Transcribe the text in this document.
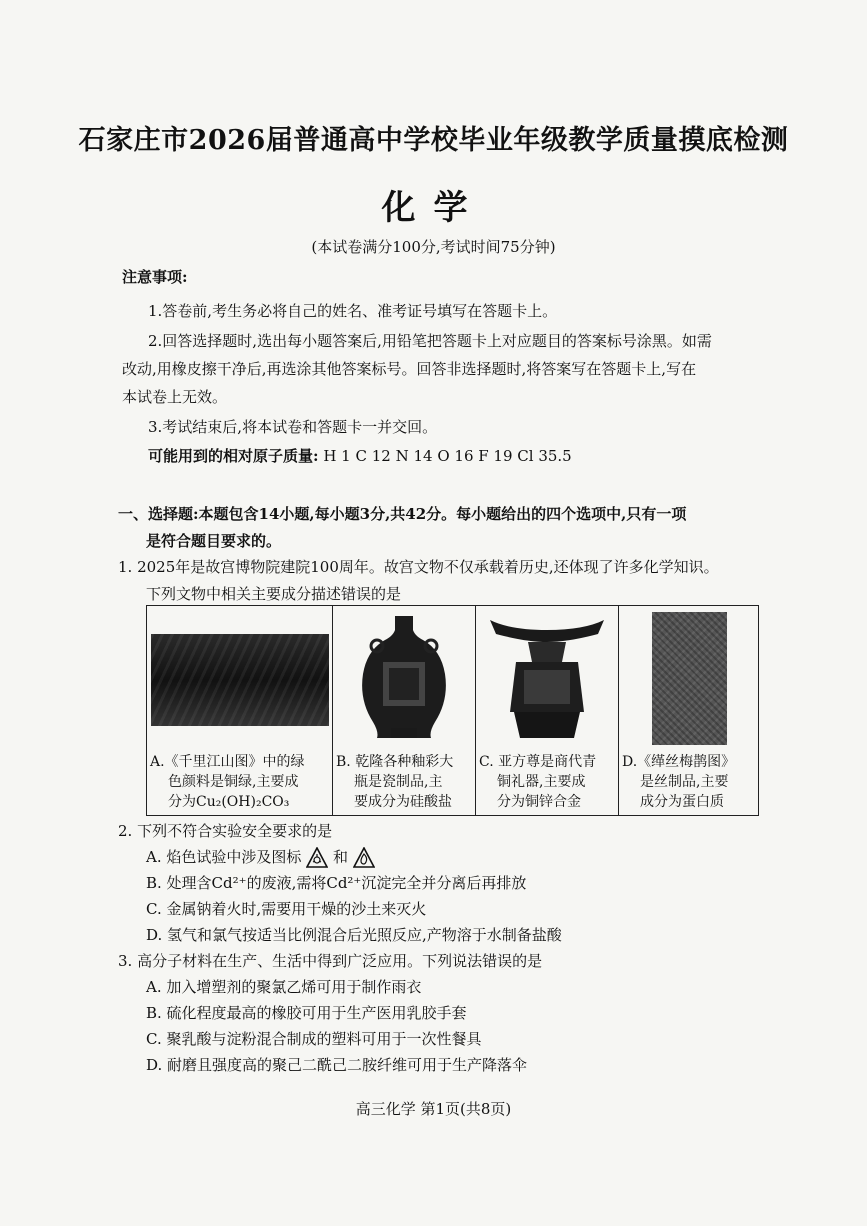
石家庄市2026届普通高中学校毕业年级教学质量摸底检测
化学
(本试卷满分100分,考试时间75分钟)
注意事项:
1.答卷前,考生务必将自己的姓名、准考证号填写在答题卡上。
2.回答选择题时,选出每小题答案后,用铅笔把答题卡上对应题目的答案标号涂黑。如需
改动,用橡皮擦干净后,再选涂其他答案标号。回答非选择题时,将答案写在答题卡上,写在
本试卷上无效。
3.考试结束后,将本试卷和答题卡一并交回。
可能用到的相对原子质量: H 1 C 12 N 14 O 16 F 19 Cl 35.5
一、选择题:本题包含14小题,每小题3分,共42分。每小题给出的四个选项中,只有一项
是符合题目要求的。
1. 2025年是故宫博物院建院100周年。故宫文物不仅承载着历史,还体现了许多化学知识。
下列文物中相关主要成分描述错误的是
A.《千里江山图》中的绿
色颜料是铜绿,主要成
分为Cu₂(OH)₂CO₃
B. 乾隆各种釉彩大
瓶是瓷制品,主
要成分为硅酸盐
C. 亚方尊是商代青
铜礼器,主要成
分为铜锌合金
D.《缂丝梅鹊图》
是丝制品,主要
成分为蛋白质
2. 下列不符合实验安全要求的是
A. 焰色试验中涉及图标 和
B. 处理含Cd²⁺的废液,需将Cd²⁺沉淀完全并分离后再排放
C. 金属钠着火时,需要用干燥的沙土来灭火
D. 氢气和氯气按适当比例混合后光照反应,产物溶于水制备盐酸
3. 高分子材料在生产、生活中得到广泛应用。下列说法错误的是
A. 加入增塑剂的聚氯乙烯可用于制作雨衣
B. 硫化程度最高的橡胶可用于生产医用乳胶手套
C. 聚乳酸与淀粉混合制成的塑料可用于一次性餐具
D. 耐磨且强度高的聚己二酰己二胺纤维可用于生产降落伞
高三化学 第1页(共8页)
